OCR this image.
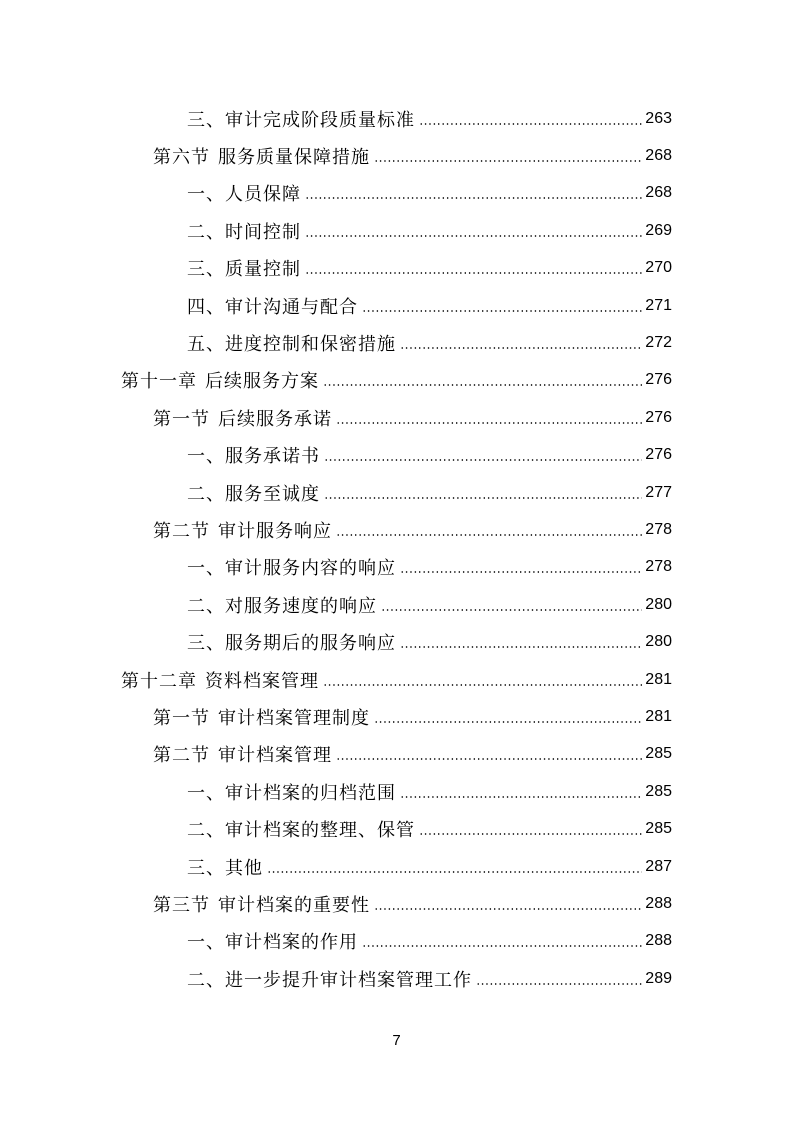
三、审计完成阶段质量标准	263
第六节 服务质量保障措施	268
一、人员保障	268
二、时间控制	269
三、质量控制	270
四、审计沟通与配合	271
五、进度控制和保密措施	272
第十一章 后续服务方案	276
第一节 后续服务承诺	276
一、服务承诺书	276
二、服务至诚度	277
第二节 审计服务响应	278
一、审计服务内容的响应	278
二、对服务速度的响应	280
三、服务期后的服务响应	280
第十二章 资料档案管理	281
第一节 审计档案管理制度	281
第二节 审计档案管理	285
一、审计档案的归档范围	285
二、审计档案的整理、保管	285
三、其他	287
第三节 审计档案的重要性	288
一、审计档案的作用	288
二、进一步提升审计档案管理工作	289
7
